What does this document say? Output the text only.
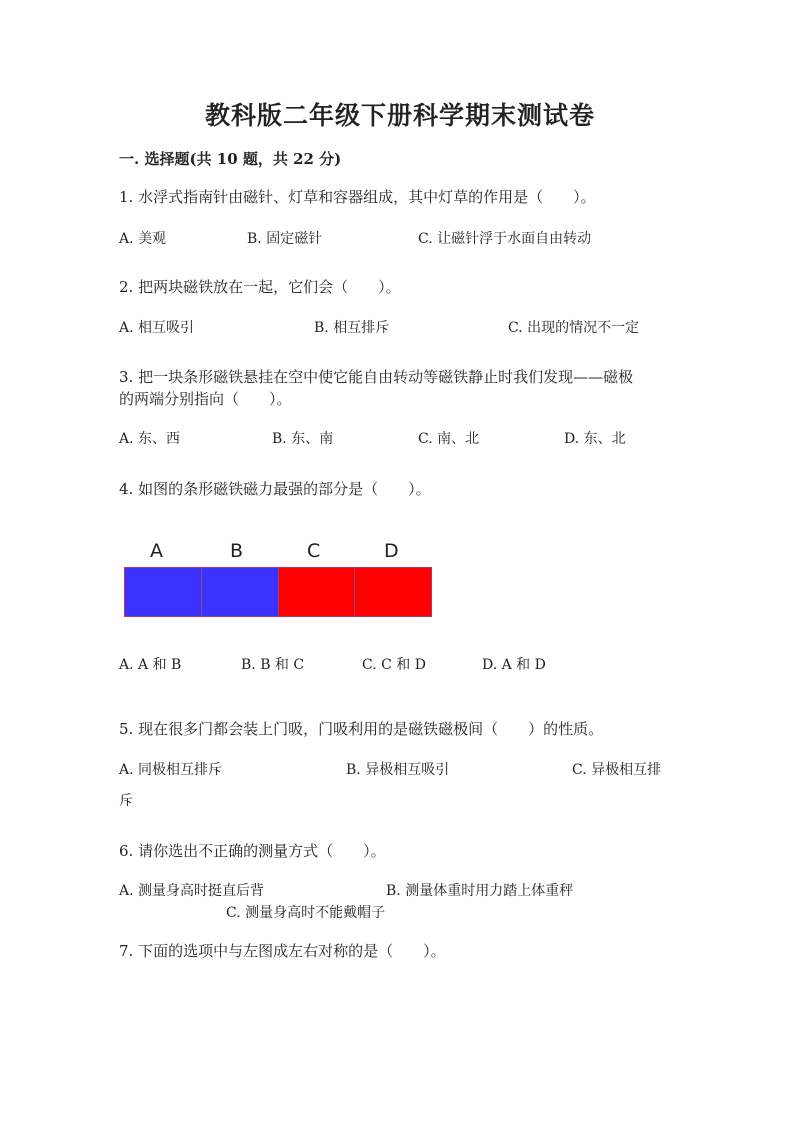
教科版二年级下册科学期末测试卷
一. 选择题(共 10 题，共 22 分)
1. 水浮式指南针由磁针、灯草和容器组成，其中灯草的作用是（　　）。
A. 美观	B. 固定磁针	C. 让磁针浮于水面自由转动
2. 把两块磁铁放在一起，它们会（　　）。
A. 相互吸引	B. 相互排斥	C. 出现的情况不一定
3. 把一块条形磁铁悬挂在空中使它能自由转动等磁铁静止时我们发现——磁极
的两端分别指向（　　）。
A. 东、西	B. 东、南	C. 南、北	D. 东、北
4. 如图的条形磁铁磁力最强的部分是（　　）。
A	B	C	D
A. A 和 B	B. B 和 C	C. C 和 D	D. A 和 D
5. 现在很多门都会装上门吸，门吸利用的是磁铁磁极间（　　）的性质。
A. 同极相互排斥	B. 异极相互吸引	C. 异极相互排
斥
6. 请你选出不正确的测量方式（　　）。
A. 测量身高时挺直后背	B. 测量体重时用力踏上体重秤
C. 测量身高时不能戴帽子
7. 下面的选项中与左图成左右对称的是（　　）。
